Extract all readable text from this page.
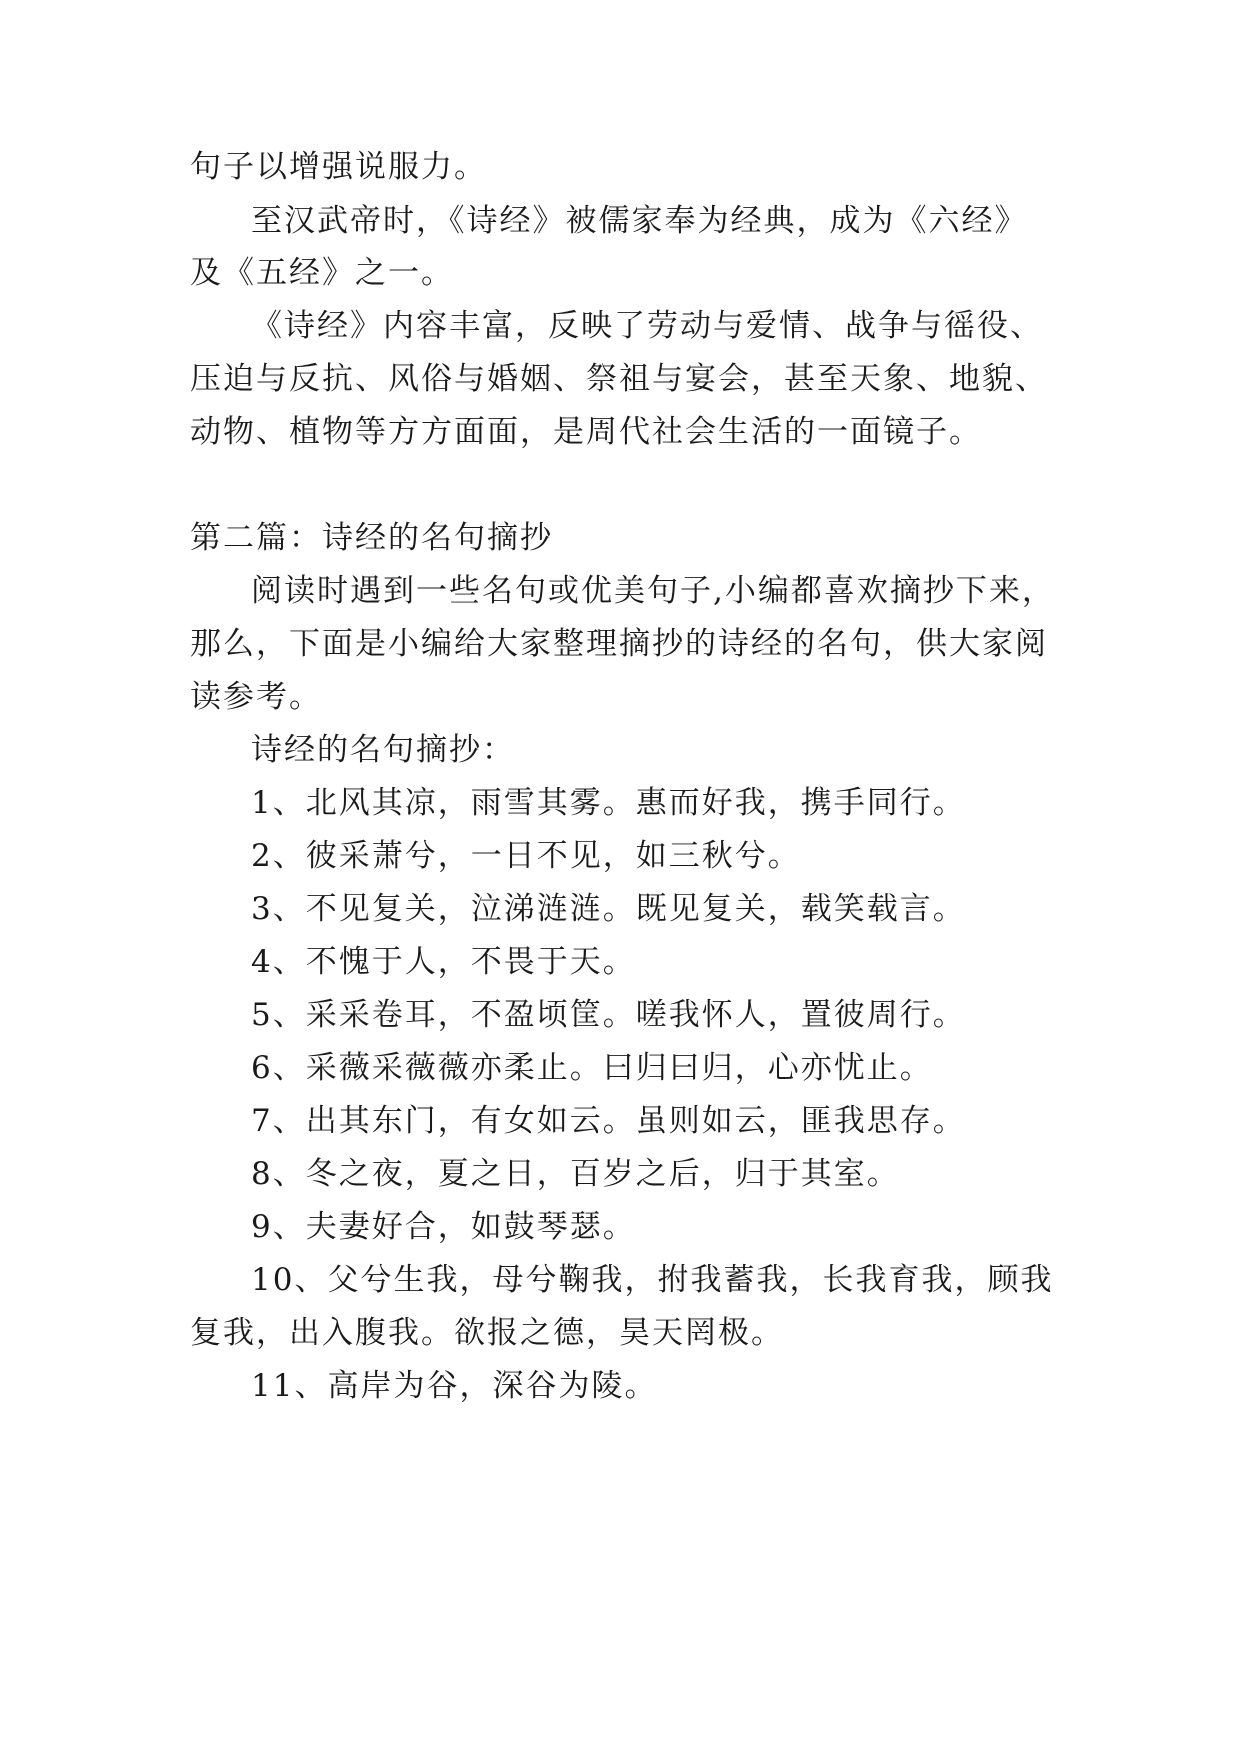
句子以增强说服力。
至汉武帝时，《诗经》被儒家奉为经典，成为《六经》
及《五经》之一。
《诗经》内容丰富，反映了劳动与爱情、战争与徭役、
压迫与反抗、风俗与婚姻、祭祖与宴会，甚至天象、地貌、
动物、植物等方方面面，是周代社会生活的一面镜子。
第二篇：诗经的名句摘抄
阅读时遇到一些名句或优美句子,小编都喜欢摘抄下来，
那么，下面是小编给大家整理摘抄的诗经的名句，供大家阅
读参考。
诗经的名句摘抄：
1、北风其凉，雨雪其雾。惠而好我，携手同行。
2、彼采萧兮，一日不见，如三秋兮。
3、不见复关，泣涕涟涟。既见复关，载笑载言。
4、不愧于人，不畏于天。
5、采采卷耳，不盈顷筐。嗟我怀人，置彼周行。
6、采薇采薇薇亦柔止。曰归曰归，心亦忧止。
7、出其东门，有女如云。虽则如云，匪我思存。
8、冬之夜，夏之日，百岁之后，归于其室。
9、夫妻好合，如鼓琴瑟。
10、父兮生我，母兮鞠我，拊我蓄我，长我育我，顾我
复我，出入腹我。欲报之德，昊天罔极。
11、高岸为谷，深谷为陵。
